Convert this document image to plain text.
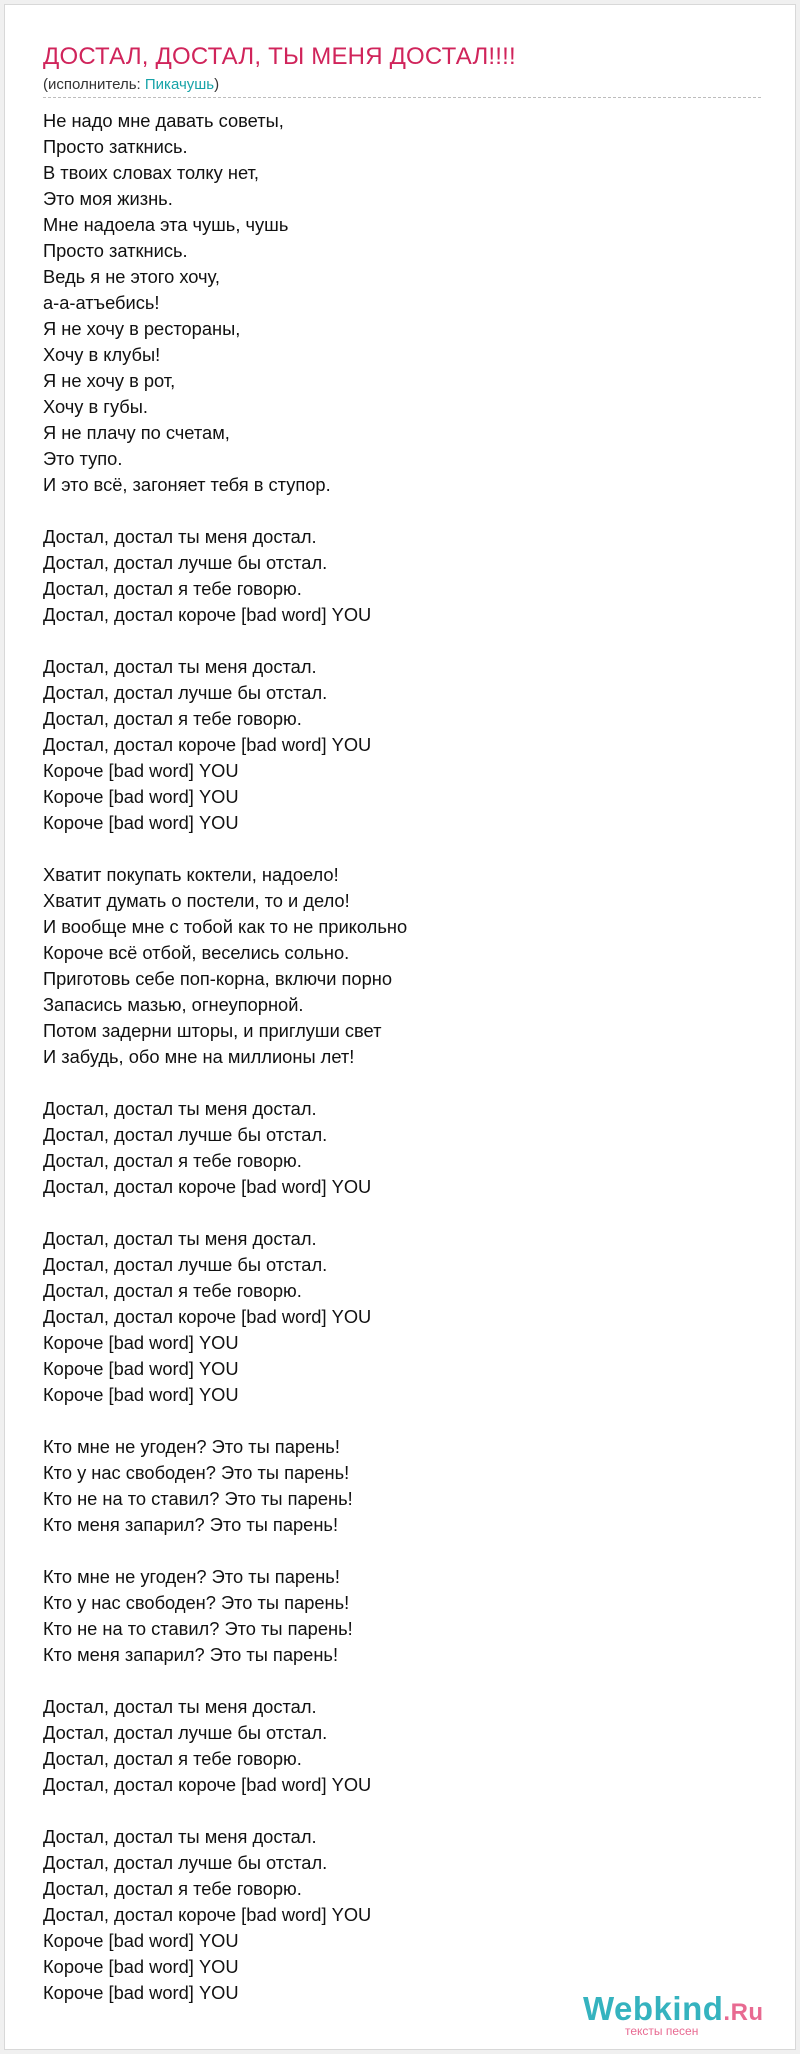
ДОСТАЛ, ДОСТАЛ, ТЫ МЕНЯ ДОСТАЛ!!!!
(исполнитель: Пикачушь)
Не надо мне давать советы,
Просто заткнись.
В твоих словах толку нет,
Это моя жизнь.
Мне надоела эта чушь, чушь
Просто заткнись.
Ведь я не этого хочу,
а-а-атъебись!
Я не хочу в рестораны,
Хочу в клубы!
Я не хочу в рот,
Хочу в губы.
Я не плачу по счетам,
Это тупо.
И это всё, загоняет тебя в ступор.
Достал, достал ты меня достал.
Достал, достал лучше бы отстал.
Достал, достал я тебе говорю.
Достал, достал короче [bad word] YOU
Достал, достал ты меня достал.
Достал, достал лучше бы отстал.
Достал, достал я тебе говорю.
Достал, достал короче [bad word] YOU
Короче [bad word] YOU
Короче [bad word] YOU
Короче [bad word] YOU
Хватит покупать коктели, надоело!
Хватит думать о постели, то и дело!
И вообще мне с тобой как то не прикольно
Короче всё отбой, веселись сольно.
Приготовь себе поп-корна, включи порно
Запасись мазью, огнеупорной.
Потом задерни шторы, и приглуши свет
И забудь, обо мне на миллионы лет!
Достал, достал ты меня достал.
Достал, достал лучше бы отстал.
Достал, достал я тебе говорю.
Достал, достал короче [bad word] YOU
Достал, достал ты меня достал.
Достал, достал лучше бы отстал.
Достал, достал я тебе говорю.
Достал, достал короче [bad word] YOU
Короче [bad word] YOU
Короче [bad word] YOU
Короче [bad word] YOU
Кто мне не угоден? Это ты парень!
Кто у нас свободен? Это ты парень!
Кто не на то ставил? Это ты парень!
Кто меня запарил? Это ты парень!
Кто мне не угоден? Это ты парень!
Кто у нас свободен? Это ты парень!
Кто не на то ставил? Это ты парень!
Кто меня запарил? Это ты парень!
Достал, достал ты меня достал.
Достал, достал лучше бы отстал.
Достал, достал я тебе говорю.
Достал, достал короче [bad word] YOU
Достал, достал ты меня достал.
Достал, достал лучше бы отстал.
Достал, достал я тебе говорю.
Достал, достал короче [bad word] YOU
Короче [bad word] YOU
Короче [bad word] YOU
Короче [bad word] YOU	Webkind.Ru
тексты песен
